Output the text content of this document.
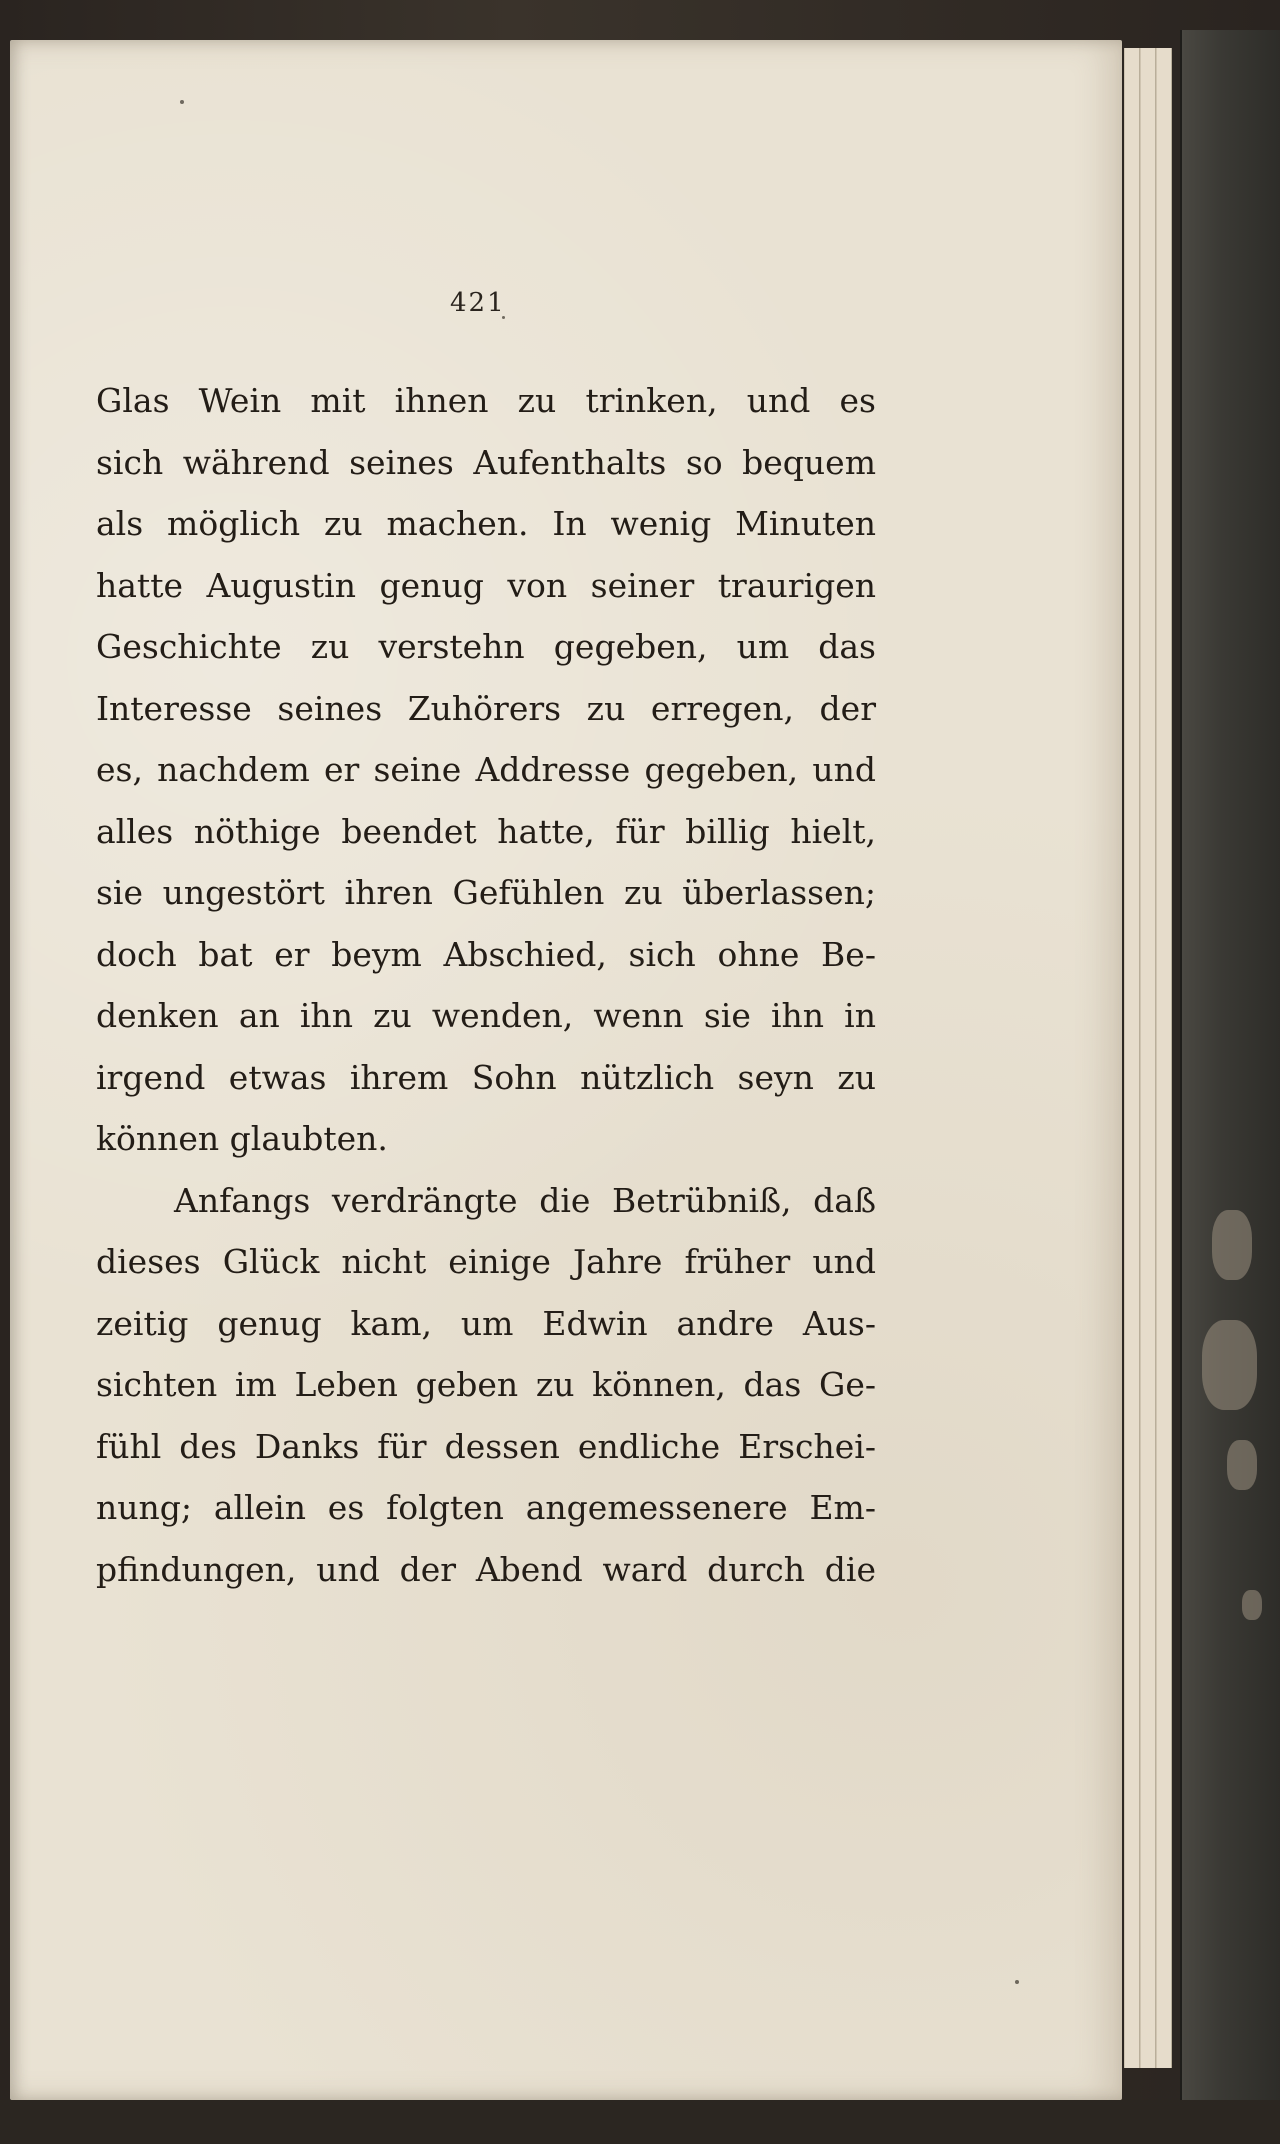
421
Glas Wein mit ihnen zu trinken, und es
sich während seines Aufenthalts so bequem
als möglich zu machen. In wenig Minuten
hatte Augustin genug von seiner traurigen
Geschichte zu verstehn gegeben, um das
Interesse seines Zuhörers zu erregen, der
es, nachdem er seine Addresse gegeben, und
alles nöthige beendet hatte, für billig hielt,
sie ungestört ihren Gefühlen zu überlassen;
doch bat er beym Abschied, sich ohne Be-
denken an ihn zu wenden, wenn sie ihn in
irgend etwas ihrem Sohn nützlich seyn zu
können glaubten.
Anfangs verdrängte die Betrübniß, daß
dieses Glück nicht einige Jahre früher und
zeitig genug kam, um Edwin andre Aus-
sichten im Leben geben zu können, das Ge-
fühl des Danks für dessen endliche Erschei-
nung; allein es folgten angemessenere Em-
pfindungen, und der Abend ward durch die
